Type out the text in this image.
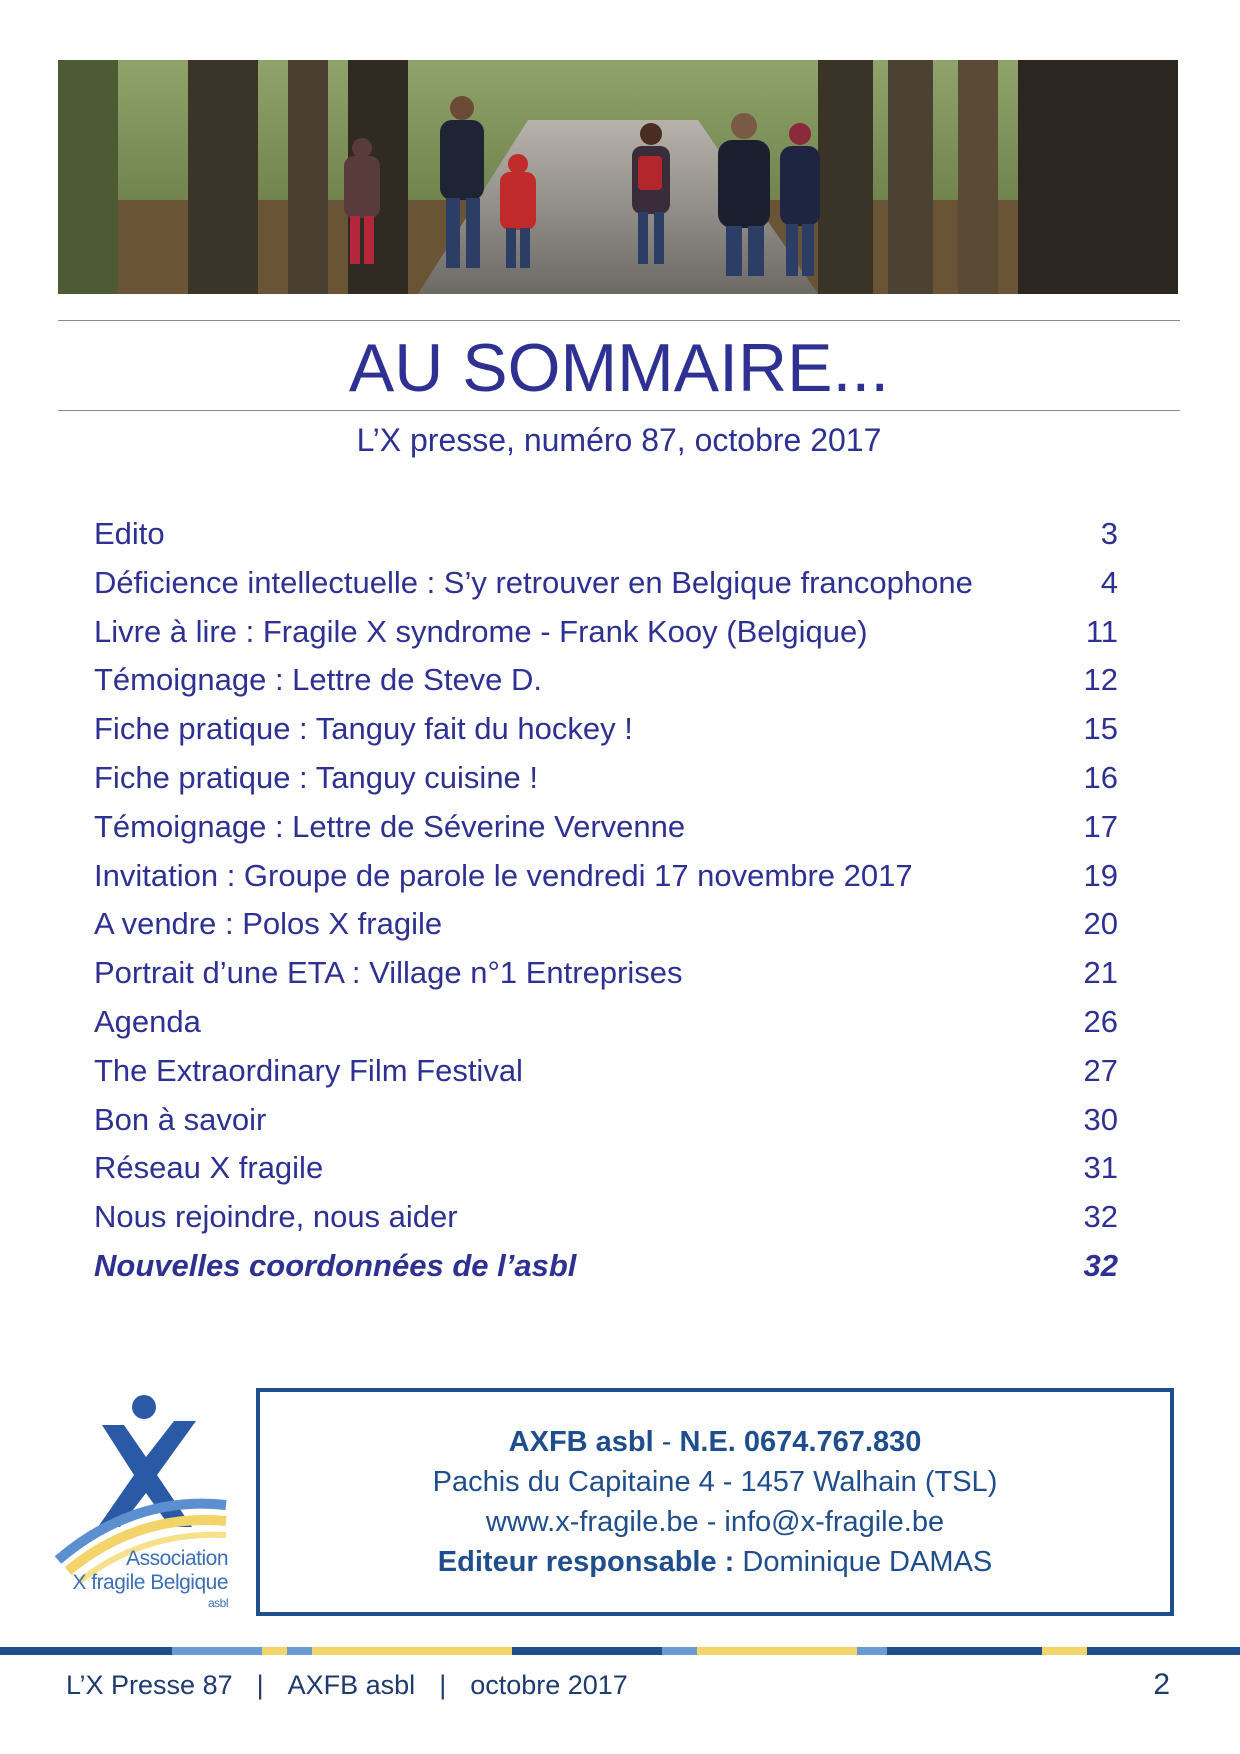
AU SOMMAIRE...
L’X presse, numéro 87, octobre 2017
Edito	3
Déficience intellectuelle : S’y retrouver en Belgique francophone	4
Livre à lire : Fragile X syndrome - Frank Kooy (Belgique)	11
Témoignage : Lettre de Steve D.	12
Fiche pratique : Tanguy fait du hockey !	15
Fiche pratique : Tanguy cuisine !	16
Témoignage : Lettre de Séverine Vervenne	17
Invitation : Groupe de parole le vendredi 17 novembre 2017	19
A vendre : Polos X fragile	20
Portrait d’une ETA : Village n°1 Entreprises	21
Agenda	26
The Extraordinary Film Festival	27
Bon à savoir	30
Réseau X fragile	31
Nous rejoindre, nous aider	32
Nouvelles coordonnées de l’asbl	32
Association
X fragile Belgique
asbl
AXFB asbl - N.E. 0674.767.830
Pachis du Capitaine 4 - 1457 Walhain (TSL)
www.x-fragile.be - info@x-fragile.be
Editeur responsable : Dominique DAMAS
L’X Presse 87 | AXFB asbl | octobre 2017	2
